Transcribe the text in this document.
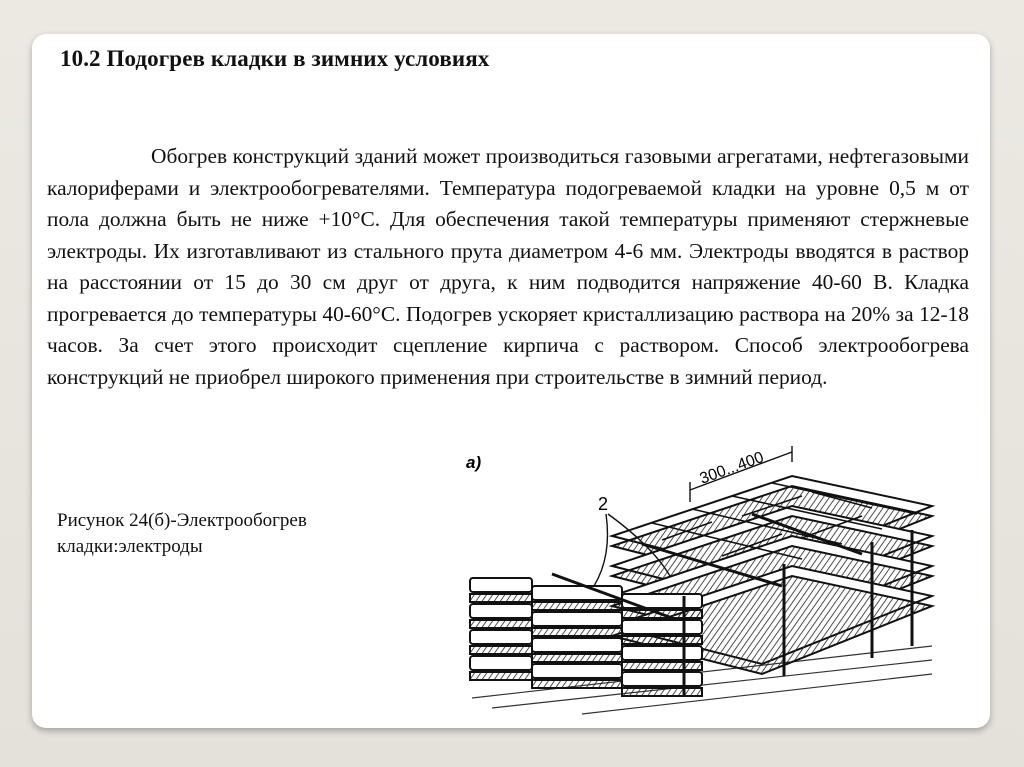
10.2 Подогрев кладки в зимних условиях
Обогрев конструкций зданий может производиться газовыми агрегатами, нефтегазовыми калориферами и электрообогревателями. Температура подогреваемой кладки на уровне 0,5 м от пола должна быть не ниже +10°С. Для обеспечения такой температуры применяют стержневые электроды. Их изготавливают из стального прута диаметром 4-6 мм. Электроды вводятся в раствор на расстоянии от 15 до 30 см друг от друга, к ним подводится напряжение 40-60 В. Кладка прогревается до температуры 40-60°С. Подогрев ускоряет кристаллизацию раствора на 20% за 12-18 часов. За счет этого происходит сцепление кирпича с раствором. Способ электрообогрева конструкций не приобрел широкого применения при строительстве в зимний период.
Рисунок 24(б)-Электрообогрев кладки:электроды
а)	300...400
2
